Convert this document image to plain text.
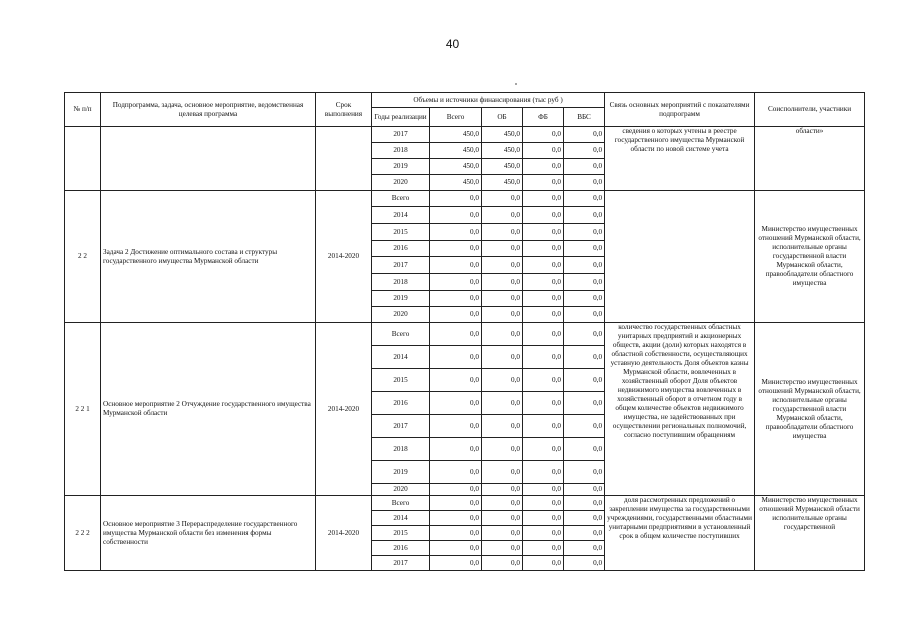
40
№ п/п	Подпрограмма, задача, основное мероприятие, ведомственная целевая программа	Срок выполнения	Объемы и источники финансирования (тыс руб )					Связь основных мероприятий с показателями подпрограмм	Соисполнители, участники
			Годы реализации	Всего	ОБ	ФБ	ВБС		
			2017	450,0	450,0	0,0	0,0	сведения о которых учтены в реестре государственного имущества Мурманской области по новой системе учета	области»
			2018	450,0	450,0	0,0	0,0		
			2019	450,0	450,0	0,0	0,0		
			2020	450,0	450,0	0,0	0,0		
2 2	Задача 2 Достижение оптимального состава и структуры государственного имущества Мурманской области	2014-2020	Всего	0,0	0,0	0,0	0,0		Министерство имущественных отношений Мурманской области, исполнительные органы государственной власти Мурманской области, правообладатели областного имущества
			2014	0,0	0,0	0,0	0,0		
			2015	0,0	0,0	0,0	0,0		
			2016	0,0	0,0	0,0	0,0		
			2017	0,0	0,0	0,0	0,0		
			2018	0,0	0,0	0,0	0,0		
			2019	0,0	0,0	0,0	0,0		
			2020	0,0	0,0	0,0	0,0		
2 2 1	Основное мероприятие 2 Отчуждение государственного имущества Мурманской области	2014-2020	Всего	0,0	0,0	0,0	0,0	количество государственных областных унитарных предприятий и акционерных обществ, акции (доли) которых находятся в областной собственности, осуществляющих уставную деятельность Доля объектов казны Мурманской области, вовлеченных в хозяйственный оборот Доля объектов недвижимого имущества вовлеченных в хозяйственный оборот в отчетном году в общем количестве объектов недвижимого имущества, не задействованных при осуществлении региональных полномочий, согласно поступившим обращениям	Министерство имущественных отношений Мурманской области, исполнительные органы государственной власти Мурманской области, правообладатели областного имущества
			2014	0,0	0,0	0,0	0,0		
			2015	0,0	0,0	0,0	0,0		
			2016	0,0	0,0	0,0	0,0		
			2017	0,0	0,0	0,0	0,0		
			2018	0,0	0,0	0,0	0,0		
			2019	0,0	0,0	0,0	0,0		
			2020	0,0	0,0	0,0	0,0		
2 2 2	Основное мероприятие 3 Перераспределение государственного имущества Мурманской области без изменения формы собственности	2014-2020	Всего	0,0	0,0	0,0	0,0	доля рассмотренных предложений о закреплении имущества за государственными учреждениями, государственными областными унитарными предприятиями в установленный срок в общем количестве поступивших	Министерство имущественных отношений Мурманской области исполнительные органы государственной
			2014	0,0	0,0	0,0	0,0		
			2015	0,0	0,0	0,0	0,0		
			2016	0,0	0,0	0,0	0,0		
			2017	0,0	0,0	0,0	0,0		
